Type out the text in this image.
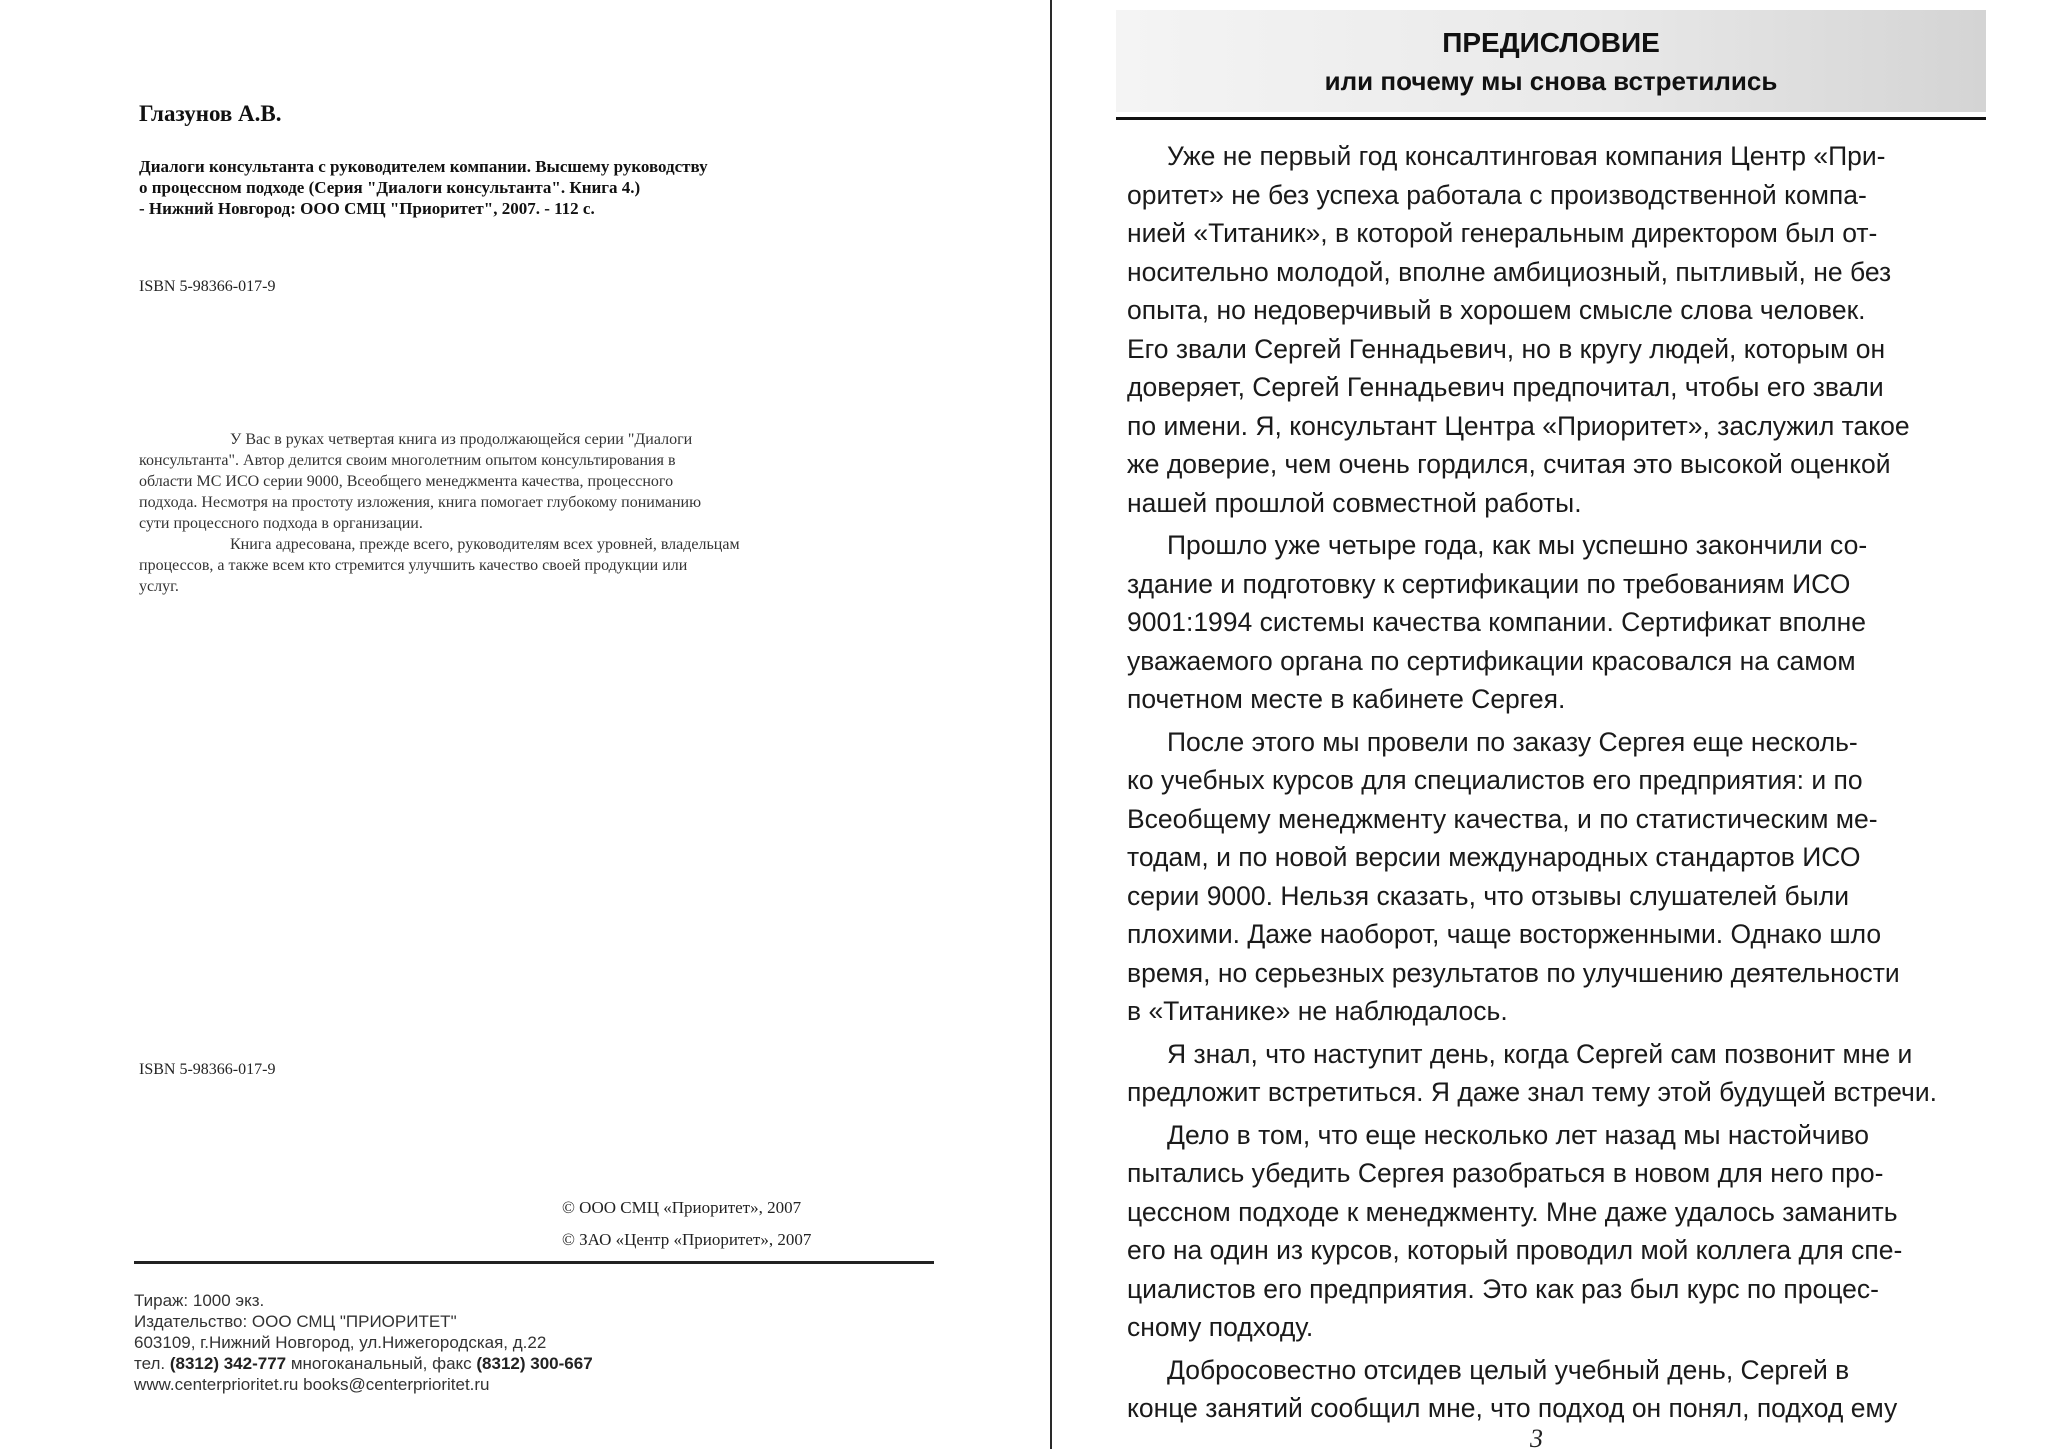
Глазунов А.В.
Диалоги консультанта с руководителем компании. Высшему руководству
о процессном подходе (Серия "Диалоги консультанта". Книга 4.)
- Нижний Новгород: ООО СМЦ "Приоритет", 2007. - 112 с.
ISBN 5-98366-017-9

У Вас в руках четвертая книга из продолжающейся серии "Диалоги
консультанта". Автор делится своим многолетним опытом консультирования в
области МС ИСО серии 9000, Всеобщего менеджмента качества, процессного
подхода. Несмотря на простоту изложения, книга помогает глубокому пониманию
сути процессного подхода в организации.

Книга адресована, прежде всего, руководителям всех уровней, владельцам
процессов, а также всем кто стремится улучшить качество своей продукции или
услуг.

ISBN 5-98366-017-9
© ООО СМЦ «Приоритет», 2007
© ЗАО «Центр «Приоритет», 2007
Тираж: 1000 экз.
Издательство: ООО СМЦ "ПРИОРИТЕТ"
603109, г.Нижний Новгород, ул.Нижегородская, д.22
тел. (8312) 342-777 многоканальный, факс (8312) 300-667
www.centerprioritet.ru books@centerprioritet.ru
ПРЕДИСЛОВИЕ
или почему мы снова встретились

Уже не первый год консалтинговая компания Центр «При-
оритет» не без успеха работала с производственной компа-
нией «Титаник», в которой генеральным директором был от-
носительно молодой, вполне амбициозный, пытливый, не без
опыта, но недоверчивый в хорошем смысле слова человек.
Его звали Сергей Геннадьевич, но в кругу людей, которым он
доверяет, Сергей Геннадьевич предпочитал, чтобы его звали
по имени. Я, консультант Центра «Приоритет», заслужил такое
же доверие, чем очень гордился, считая это высокой оценкой
нашей прошлой совместной работы.

Прошло уже четыре года, как мы успешно закончили со-
здание и подготовку к сертификации по требованиям ИСО
9001:1994 системы качества компании. Сертификат вполне
уважаемого органа по сертификации красовался на самом
почетном месте в кабинете Сергея.

После этого мы провели по заказу Сергея еще несколь-
ко учебных курсов для специалистов его предприятия: и по
Всеобщему менеджменту качества, и по статистическим ме-
тодам, и по новой версии международных стандартов ИСО
серии 9000. Нельзя сказать, что отзывы слушателей были
плохими. Даже наоборот, чаще восторженными. Однако шло
время, но серьезных результатов по улучшению деятельности
в «Титанике» не наблюдалось.

Я знал, что наступит день, когда Сергей сам позвонит мне и
предложит встретиться. Я даже знал тему этой будущей встречи.

Дело в том, что еще несколько лет назад мы настойчиво
пытались убедить Сергея разобраться в новом для него про-
цессном подходе к менеджменту. Мне даже удалось заманить
его на один из курсов, который проводил мой коллега для спе-
циалистов его предприятия. Это как раз был курс по процес-
сному подходу.

Добросовестно отсидев целый учебный день, Сергей в
конце занятий сообщил мне, что подход он понял, подход ему

3
